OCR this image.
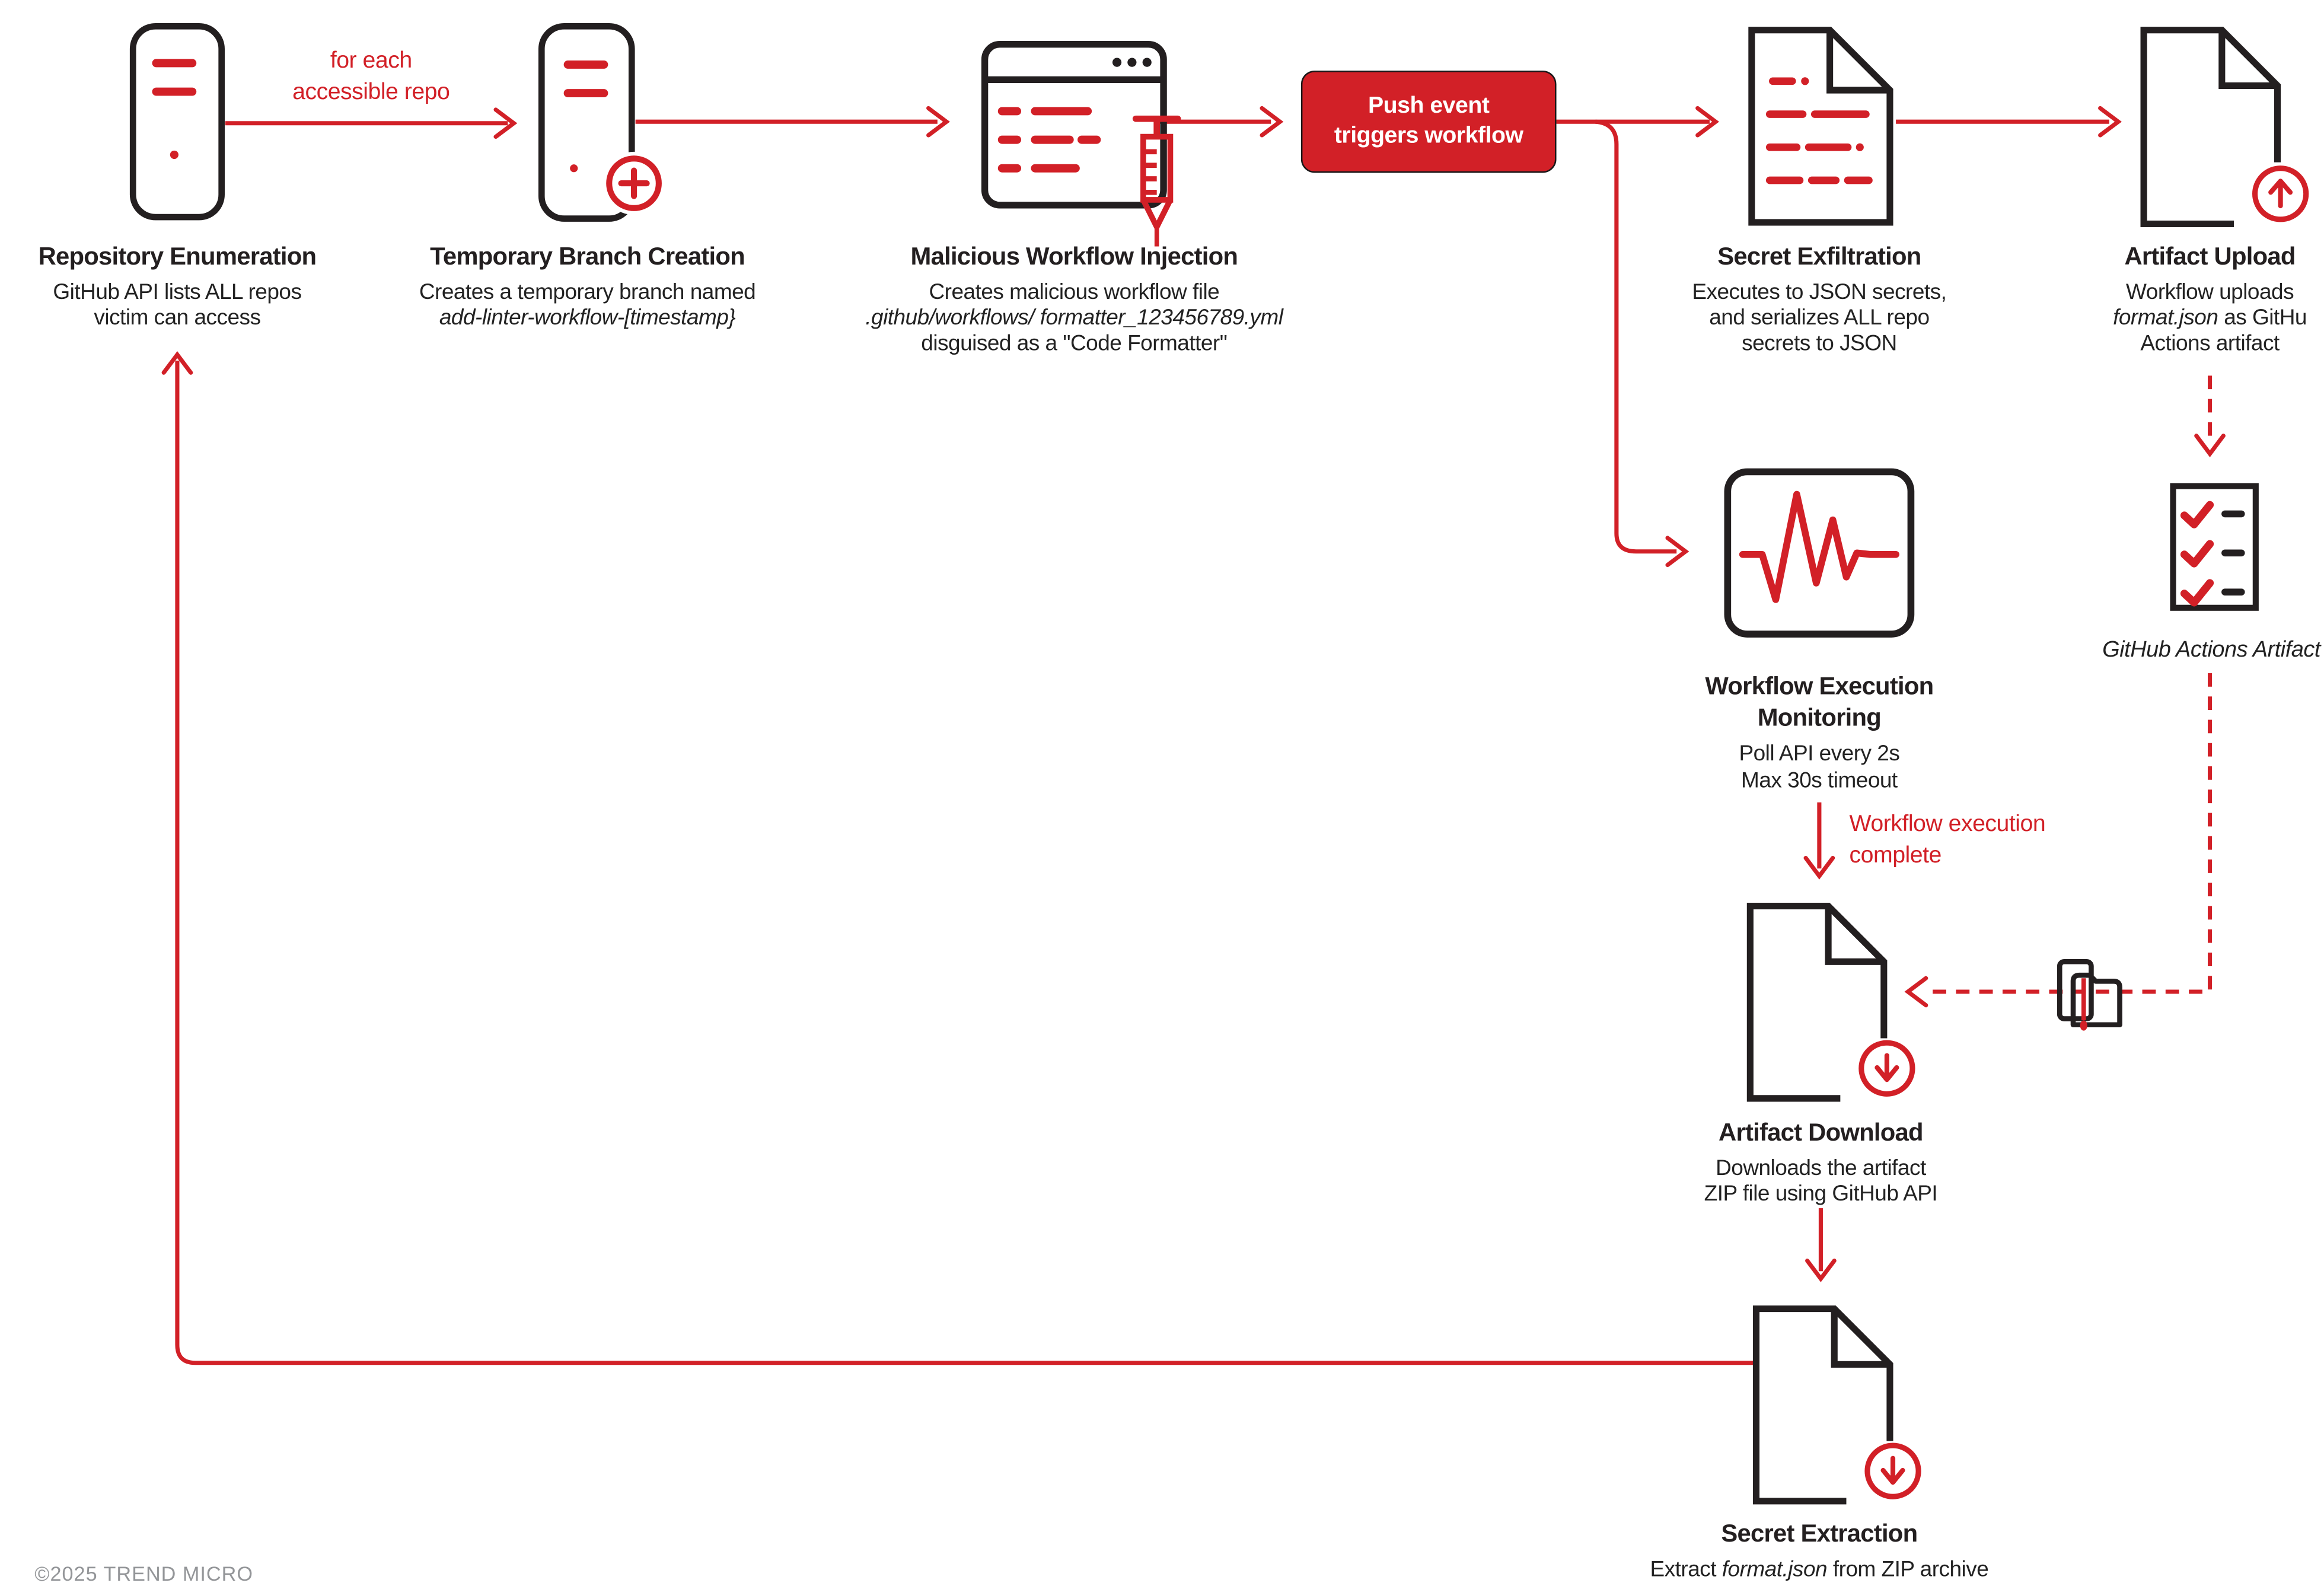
Push event
triggers workflow
for each
accessible repo
Repository Enumeration
GitHub API lists ALL repos
victim can access
Temporary Branch Creation
Creates a temporary branch named
add-linter-workflow-[timestamp}
Malicious Workflow Injection
Creates malicious workflow file
.github/workflows/ formatter_123456789.yml
disguised as a "Code Formatter"
Secret Exfiltration
Executes to JSON secrets,
and serializes ALL repo
secrets to JSON
Artifact Upload
Workflow uploads
format.json as GitHu
Actions artifact
GitHub Actions Artifact
Workflow Execution
Monitoring
Poll API every 2s
Max 30s timeout
Workflow execution
complete
Artifact Download
Downloads the artifact
ZIP file using GitHub API
Secret Extraction
Extract format.json from ZIP archive
©2025 TREND MICRO
